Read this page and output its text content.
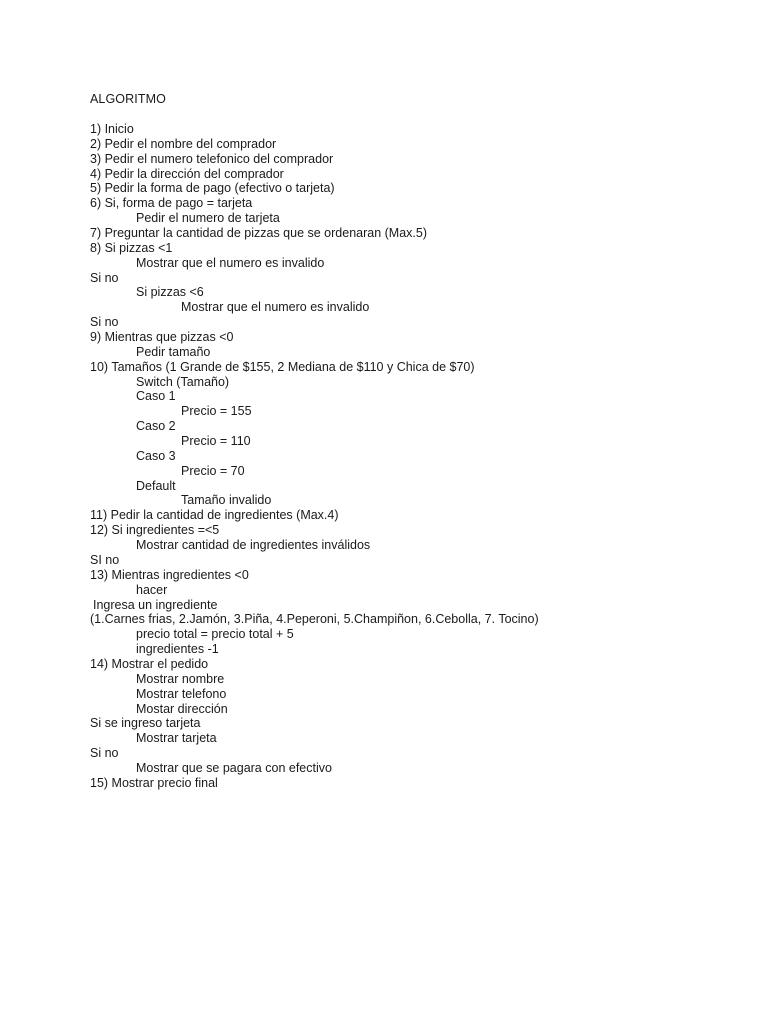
ALGORITMO
1) Inicio
2) Pedir el nombre del comprador
3) Pedir el numero telefonico del comprador
4) Pedir la dirección del comprador
5) Pedir la forma de pago (efectivo o tarjeta)
6) Si, forma de pago = tarjeta
Pedir el numero de tarjeta
7) Preguntar la cantidad de pizzas que se ordenaran (Max.5)
8) Si pizzas <1
Mostrar que el numero es invalido
Si no
Si pizzas <6
Mostrar que el numero es invalido
Si no
9) Mientras que pizzas <0
Pedir tamaño
10) Tamaños (1 Grande de $155, 2 Mediana de $110 y Chica de $70)
Switch (Tamaño)
Caso 1
Precio = 155
Caso 2
Precio = 110
Caso 3
Precio = 70
Default
Tamaño invalido
11) Pedir la cantidad de ingredientes (Max.4)
12) Si ingredientes =<5
Mostrar cantidad de ingredientes inválidos
SI no
13) Mientras ingredientes <0
hacer
Ingresa un ingrediente
(1.Carnes frias, 2.Jamón, 3.Piña, 4.Peperoni, 5.Champiñon, 6.Cebolla, 7. Tocino)
precio total = precio total + 5
ingredientes -1
14) Mostrar el pedido
Mostrar nombre
Mostrar telefono
Mostar dirección
Si se ingreso tarjeta
Mostrar tarjeta
Si no
Mostrar que se pagara con efectivo
15) Mostrar precio final
